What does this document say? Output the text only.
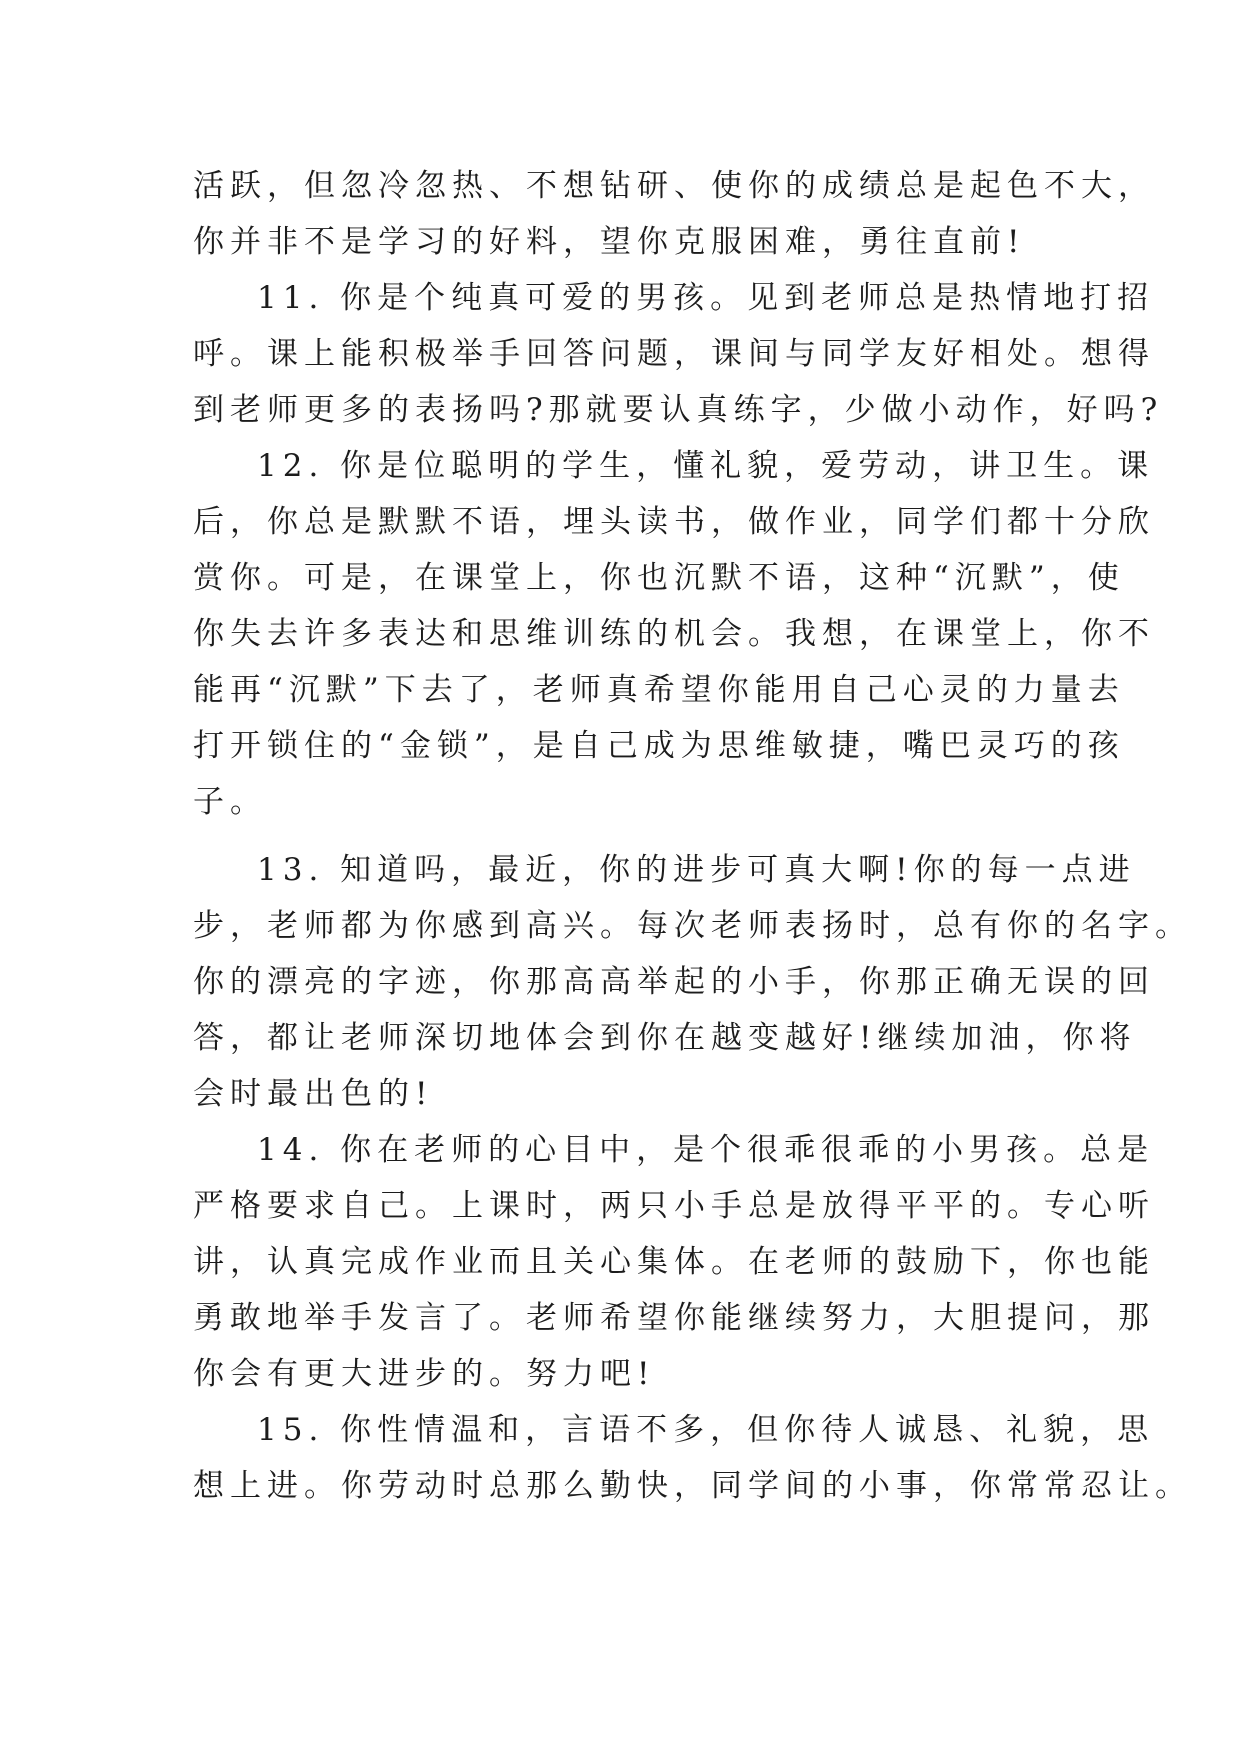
活跃，但忽冷忽热、不想钻研、使你的成绩总是起色不大，
你并非不是学习的好料，望你克服困难，勇往直前!
11. 你是个纯真可爱的男孩。见到老师总是热情地打招
呼。课上能积极举手回答问题，课间与同学友好相处。想得
到老师更多的表扬吗?那就要认真练字，少做小动作，好吗?
12. 你是位聪明的学生，懂礼貌，爱劳动，讲卫生。课
后，你总是默默不语，埋头读书，做作业，同学们都十分欣
赏你。可是，在课堂上，你也沉默不语，这种“沉默”，使
你失去许多表达和思维训练的机会。我想，在课堂上，你不
能再“沉默”下去了，老师真希望你能用自己心灵的力量去
打开锁住的“金锁”，是自己成为思维敏捷，嘴巴灵巧的孩
子。
13. 知道吗，最近，你的进步可真大啊!你的每一点进
步，老师都为你感到高兴。每次老师表扬时，总有你的名字。
你的漂亮的字迹，你那高高举起的小手，你那正确无误的回
答，都让老师深切地体会到你在越变越好!继续加油，你将
会时最出色的!
14. 你在老师的心目中，是个很乖很乖的小男孩。总是
严格要求自己。上课时，两只小手总是放得平平的。专心听
讲，认真完成作业而且关心集体。在老师的鼓励下，你也能
勇敢地举手发言了。老师希望你能继续努力，大胆提问，那
你会有更大进步的。努力吧!
15. 你性情温和，言语不多，但你待人诚恳、礼貌，思
想上进。你劳动时总那么勤快，同学间的小事，你常常忍让。
